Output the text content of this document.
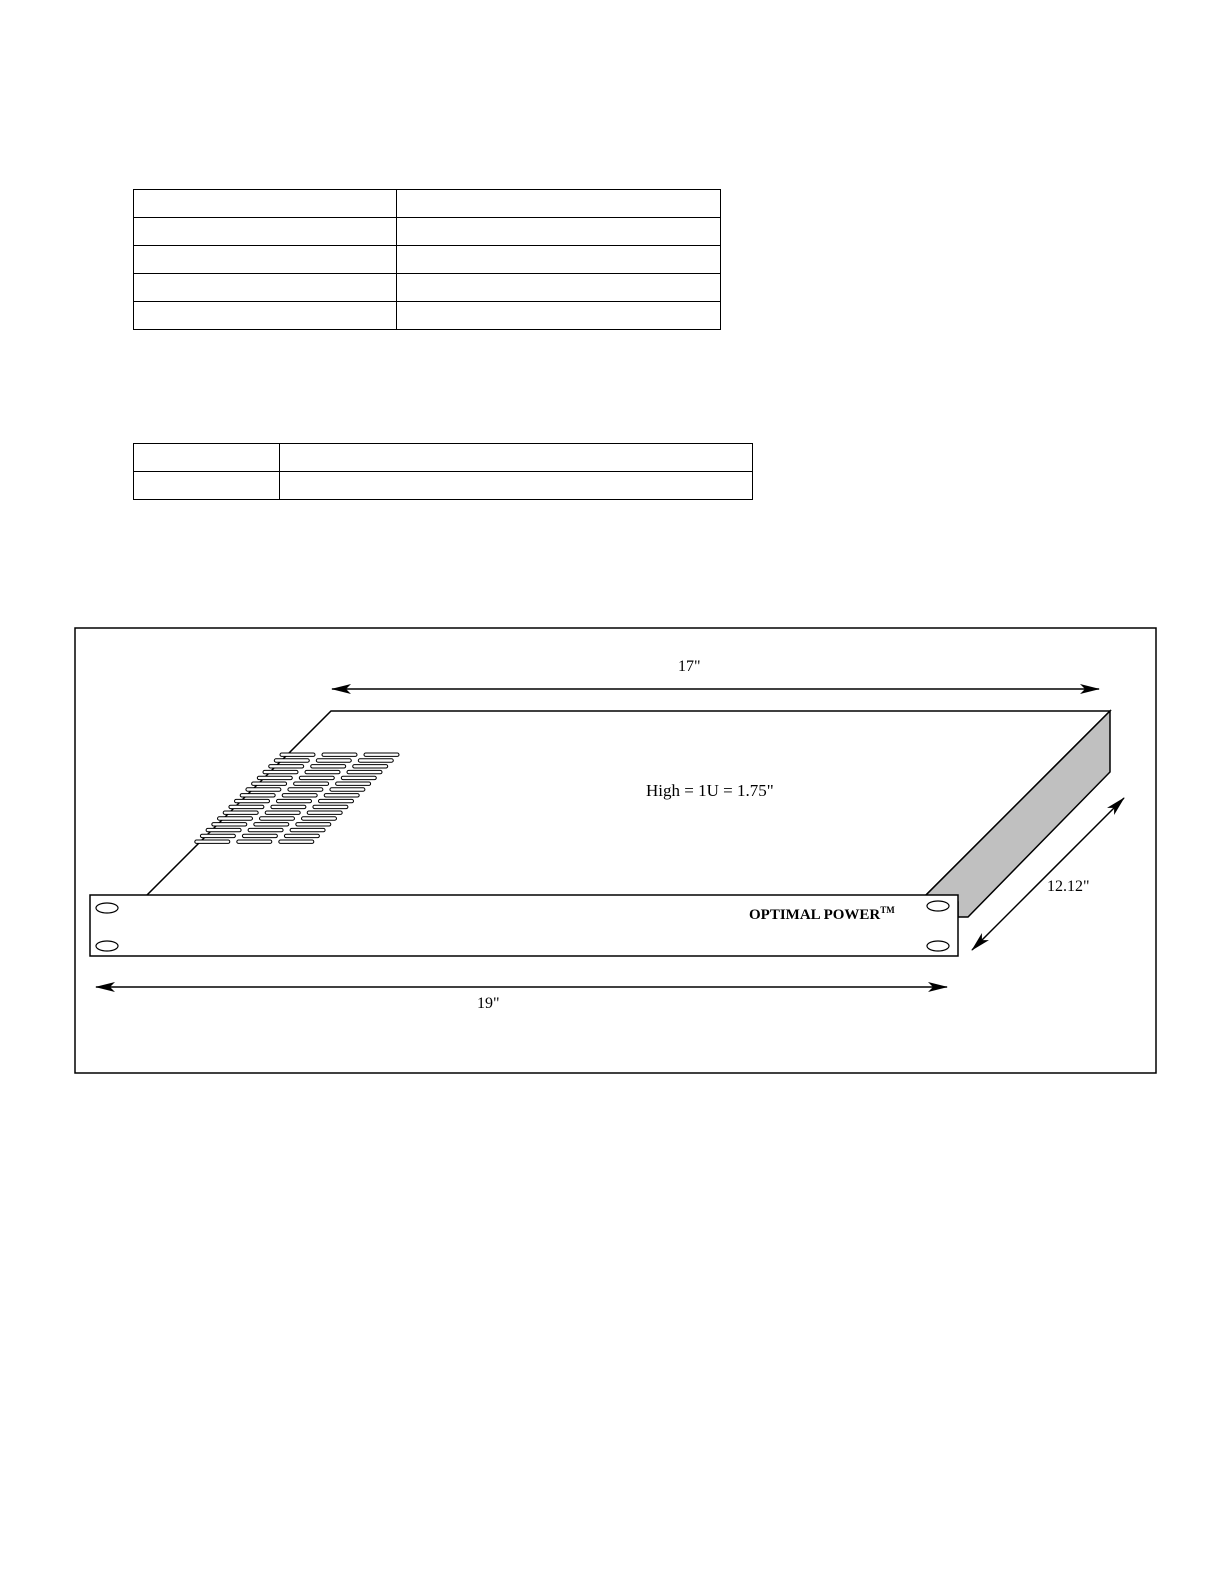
OPTIMAL POWER™
17"
High = 1U = 1.75"
12.12"
19"
